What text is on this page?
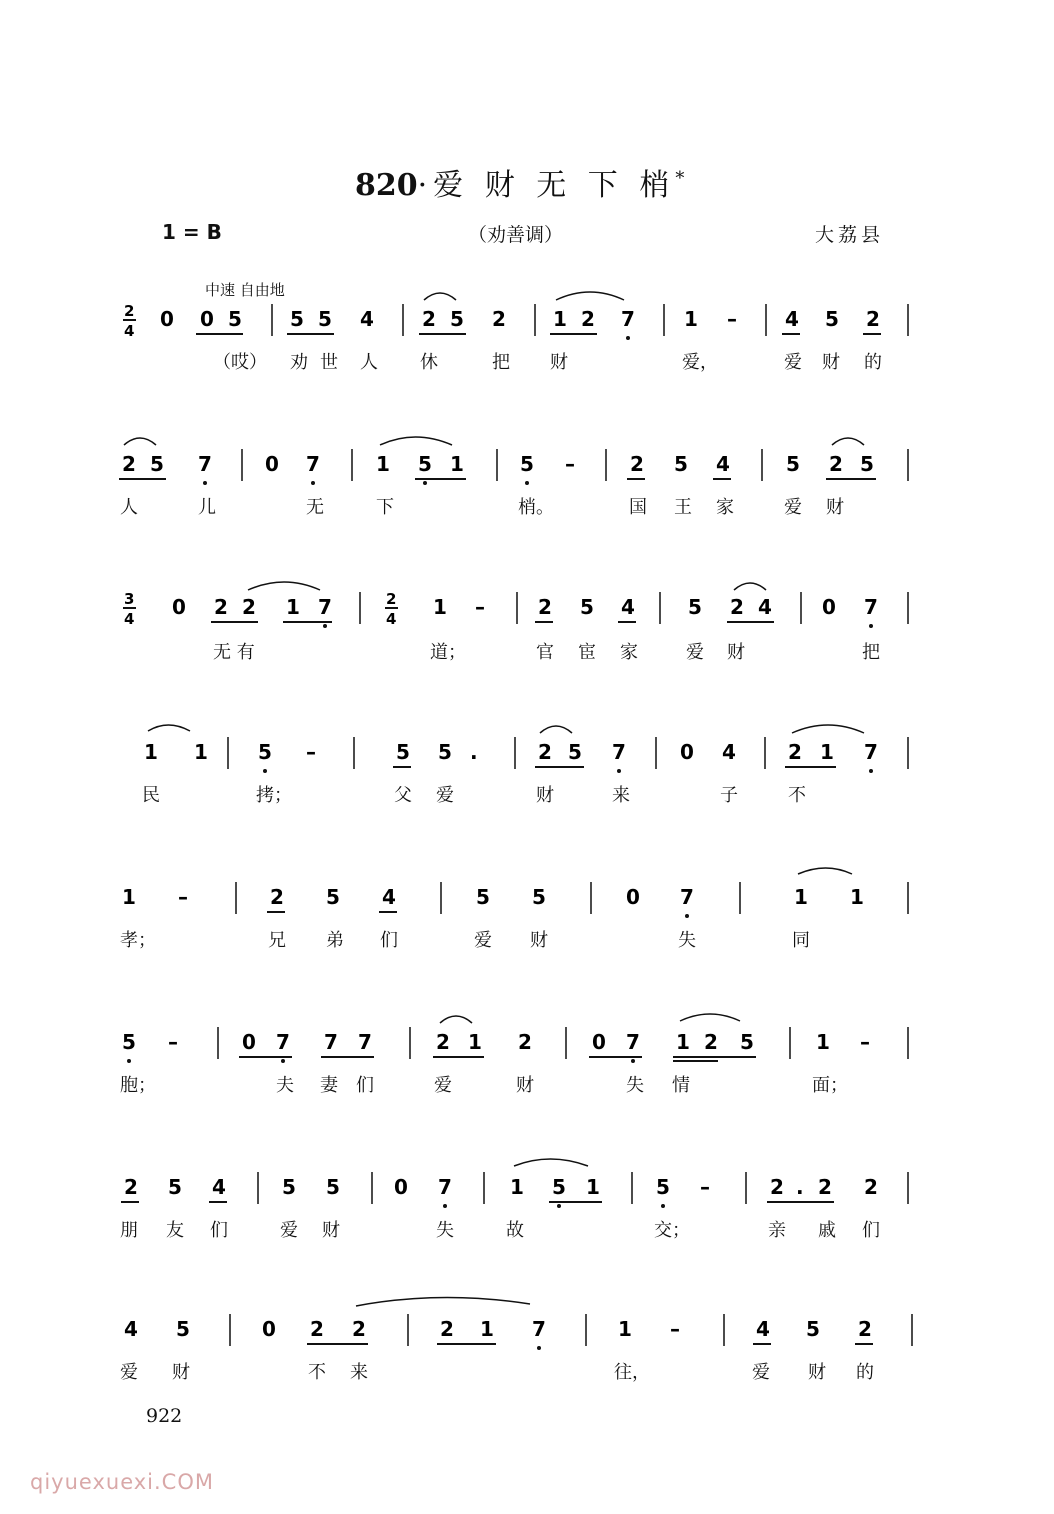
820·爱 财 无 下 梢*
1 = B	（劝善调）	大荔县
中速 自由地
2
4 0 0 5 5 5 4 2 5 2 1 2 7 1 – 4 5 2
（哎） 劝 世 人 休	把 财	爱，	爱 财 的
2 5 7	0 7	1 5 1	5 –	2 5 4	5 2 5
人	儿	无	下	梢。	国 王 家	爱 财
3
4 0 2 2 1 7	2
4 1 –	2 5 4	5 2 4	0 7
无 有	道；	官 宦 家	爱 财	把
1 1	5 –	5 5 .	2 5 7	0 4	2 1 7
民	拷；	父 爱	财	来	子	不
1 –	2 5 4	5 5	0 7	1 1
孝；	兄 弟 们	爱 财	失	同
5 –	0 7 7 7	2 1 2	0 7 1 2 5	1 –
胞；	夫 妻 们	爱	财	失 情	面；
2 5 4	5 5	0 7	1 5 1	5 –	2 . 2 2
朋 友 们	爱 财	失	故	交；	亲 戚 们
4 5	0 2 2	2 1 7	1 –	4 5 2
爱 财	不 来	往，	爱 财 的
922
qiyuexuexi.COM
